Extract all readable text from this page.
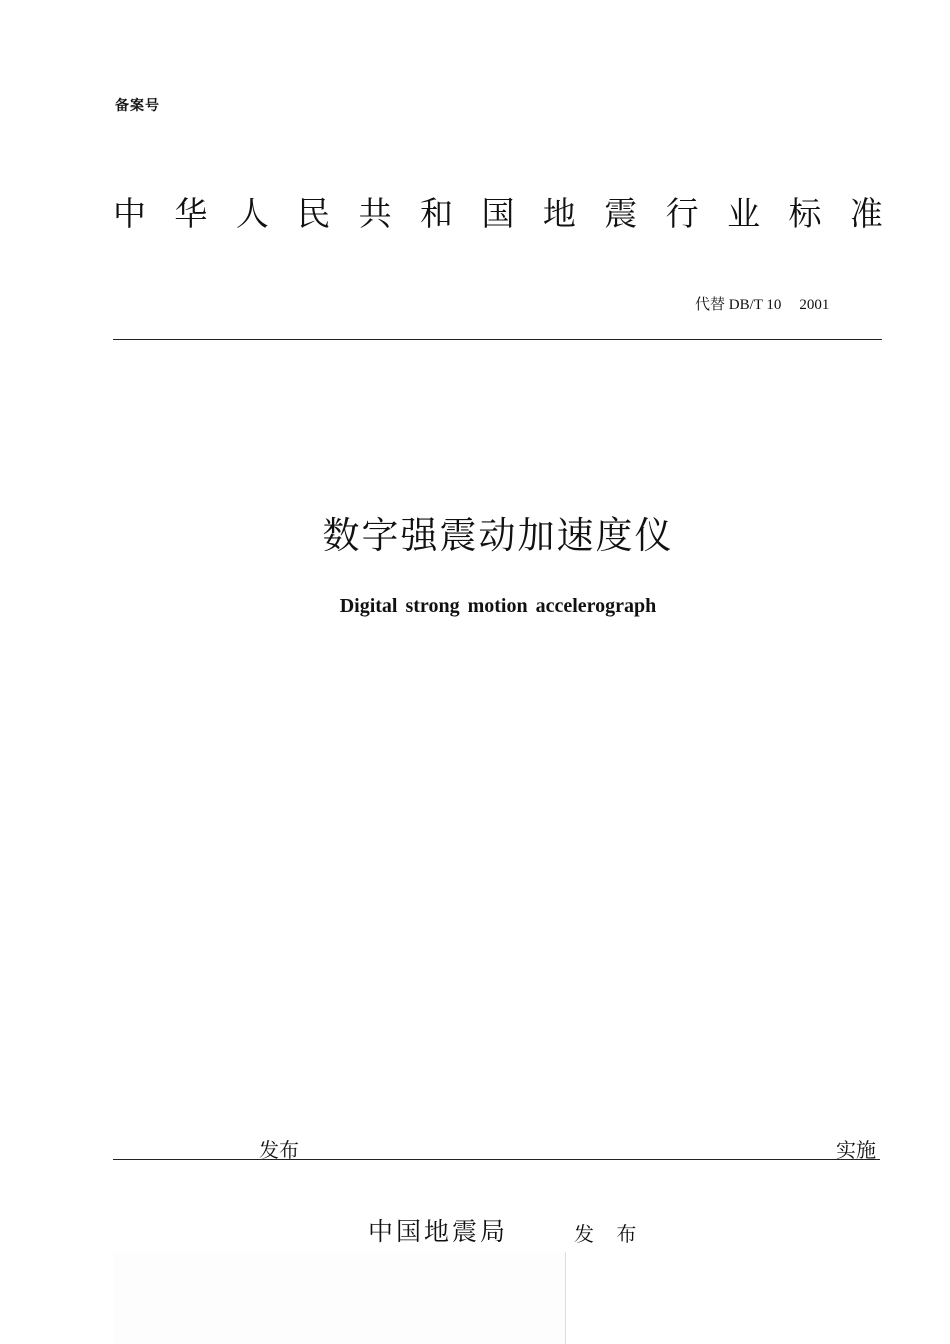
备案号
中 华 人 民 共 和 国 地 震 行 业 标 准
代替 DB/T 10 2001
数字强震动加速度仪
Digital strong motion accelerograph
发布	实施
中国地震局	发 布
